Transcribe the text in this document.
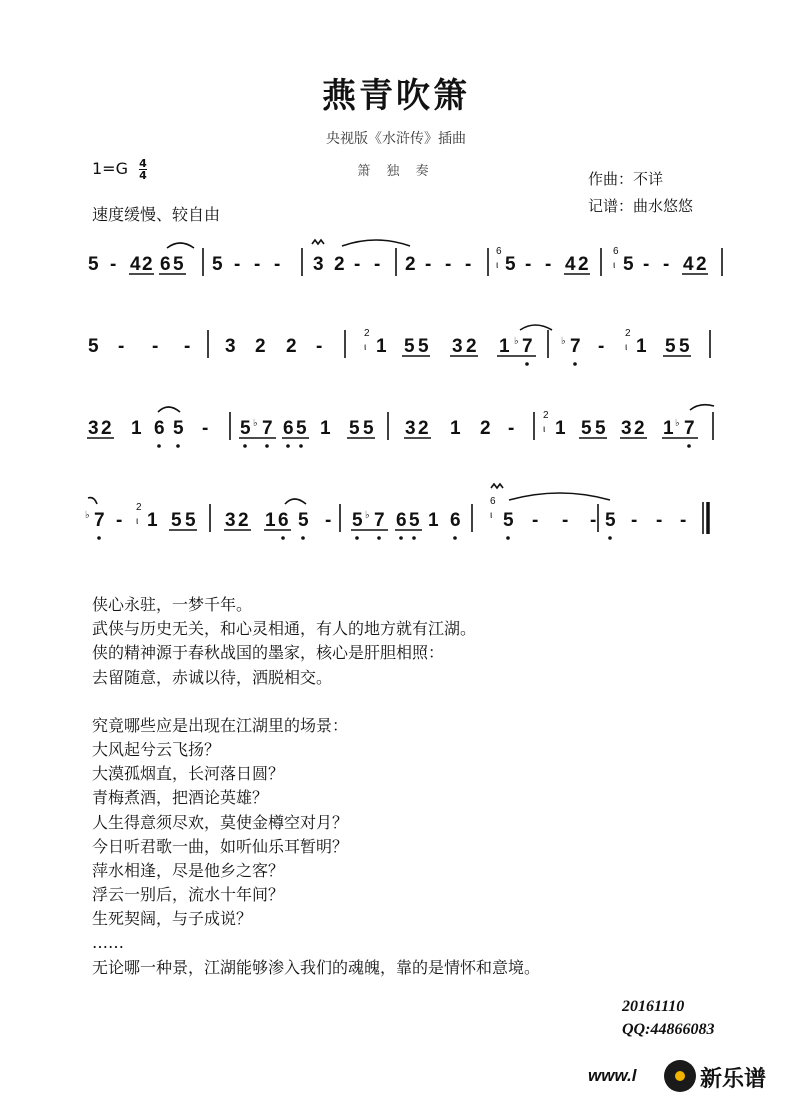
燕青吹箫
央视版《水浒传》插曲
箫 独 奏
$1=G \frac{4}{4}$	作曲：不详
记谱：曲水悠悠
速度缓慢、较自由
5 - 4 2 6 5 5 - - - 3 2 - - 2 - - - 5 - - 4 2 5 - - 4 2
6
ι
6
ι
5 - - - 3 2 2 -	1 5 5 3 2 1 7 7 - 1 5 5
2
ι
2
ι
♭	♭
3 2 1 6 5 - 5 7 6 5 1 5 5 3 2 1 2 - 1 5 5 3 2 1 7
2
ι
♭	♭
7 - 1 5 5 3 2 1 6 5 - 5 7 6 5 1 6 5 - - - 5 - - -
2
ι
6
ι
♭	♭
侠心永驻，一梦千年。
武侠与历史无关，和心灵相通，有人的地方就有江湖。
侠的精神源于春秋战国的墨家，核心是肝胆相照：
去留随意，赤诚以待，洒脱相交。
究竟哪些应是出现在江湖里的场景：
大风起兮云飞扬？
大漠孤烟直，长河落日圆？
青梅煮酒，把酒论英雄？
人生得意须尽欢，莫使金樽空对月？
今日听君歌一曲，如听仙乐耳暂明？
萍水相逢，尽是他乡之客？
浮云一别后，流水十年间？
生死契阔，与子成说？
……
无论哪一种景，江湖能够渗入我们的魂魄，靠的是情怀和意境。
20161110
QQ:44866083
www.l	新乐谱
